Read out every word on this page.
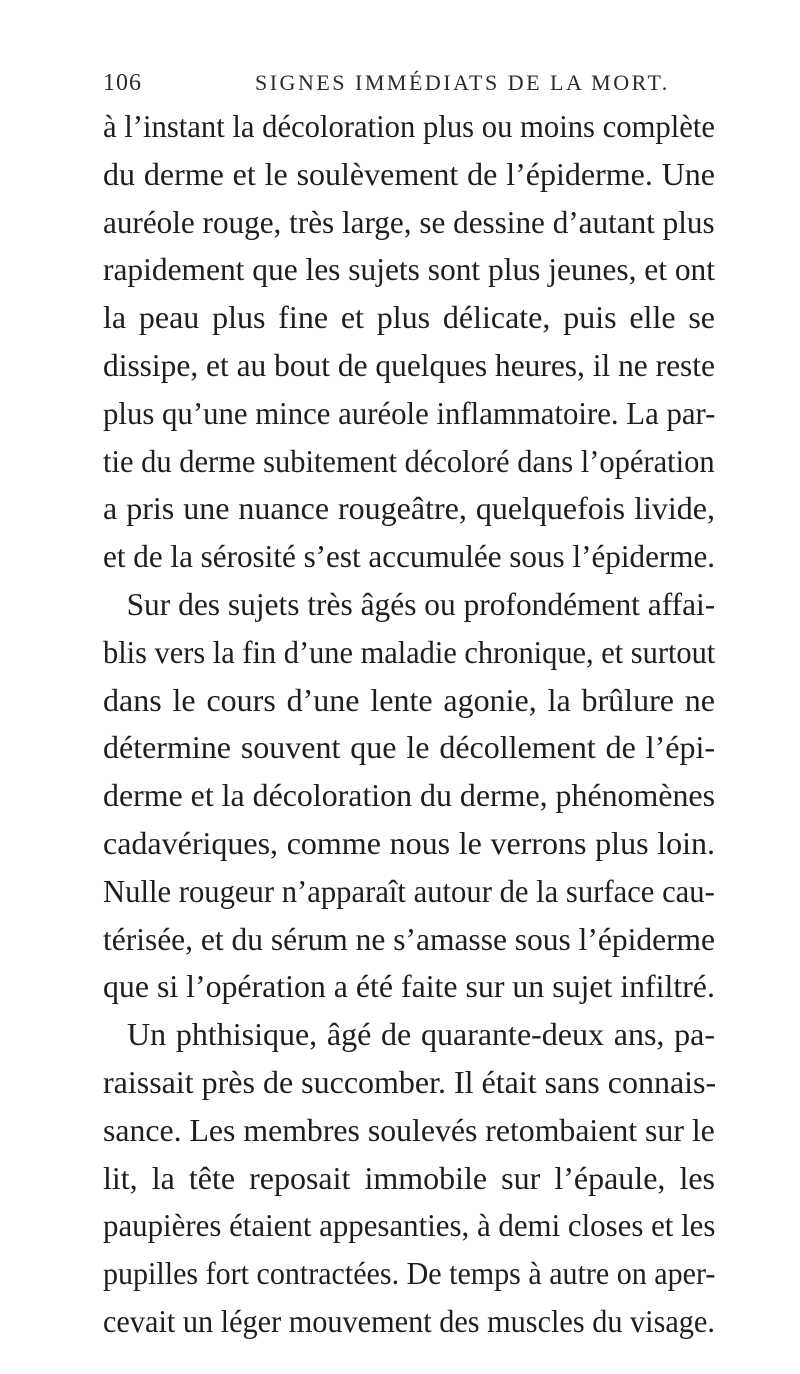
106	SIGNES IMMÉDIATS DE LA MORT.
à l’instant la décoloration plus ou moins complète
du derme et le soulèvement de l’épiderme. Une
auréole rouge, très large, se dessine d’autant plus
rapidement que les sujets sont plus jeunes, et ont
la peau plus fine et plus délicate, puis elle se
dissipe, et au bout de quelques heures, il ne reste
plus qu’une mince auréole inflammatoire. La par-
tie du derme subitement décoloré dans l’opération
a pris une nuance rougeâtre, quelquefois livide,
et de la sérosité s’est accumulée sous l’épiderme.
Sur des sujets très âgés ou profondément affai-
blis vers la fin d’une maladie chronique, et surtout
dans le cours d’une lente agonie, la brûlure ne
détermine souvent que le décollement de l’épi-
derme et la décoloration du derme, phénomènes
cadavériques, comme nous le verrons plus loin.
Nulle rougeur n’apparaît autour de la surface cau-
térisée, et du sérum ne s’amasse sous l’épiderme
que si l’opération a été faite sur un sujet infiltré.
Un phthisique, âgé de quarante-deux ans, pa-
raissait près de succomber. Il était sans connais-
sance. Les membres soulevés retombaient sur le
lit, la tête reposait immobile sur l’épaule, les
paupières étaient appesanties, à demi closes et les
pupilles fort contractées. De temps à autre on aper-
cevait un léger mouvement des muscles du visage.
